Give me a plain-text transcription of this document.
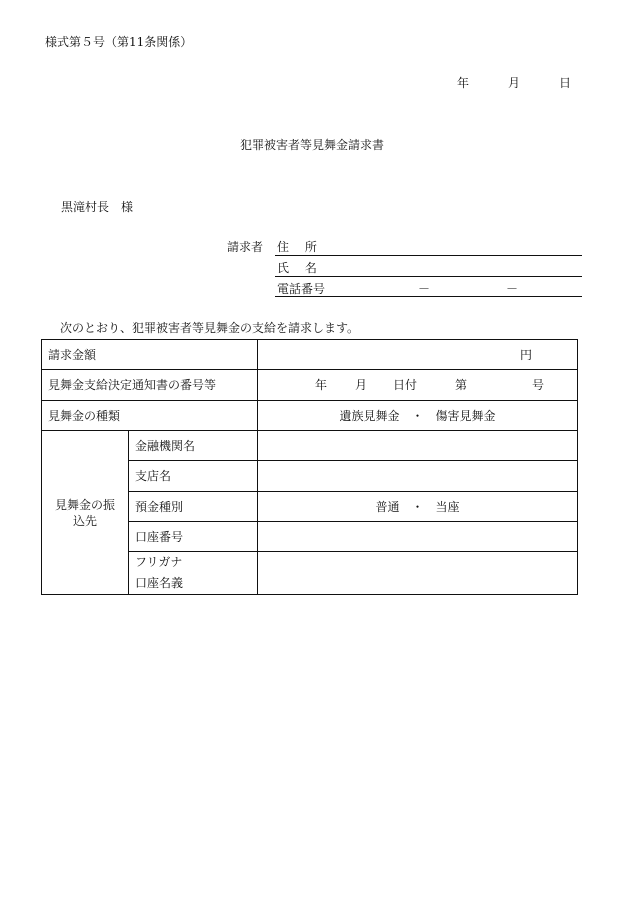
様式第５号（第11条関係）
年	月	日
犯罪被害者等見舞金請求書
黒滝村長　様
請求者 住　 所
氏　 名
電話番号	－	－
次のとおり、犯罪被害者等見舞金の支給を請求します。
請求金額		円

見舞金支給決定通知書の番号等		年 月 日付 第 号

見舞金の種類		遺族見舞金　・　傷害見舞金

見舞金の振
込先	金融機関名	
	支店名	
	預金種別	普通　・　当座
	口座番号	

	フリガナ
口座名義	
